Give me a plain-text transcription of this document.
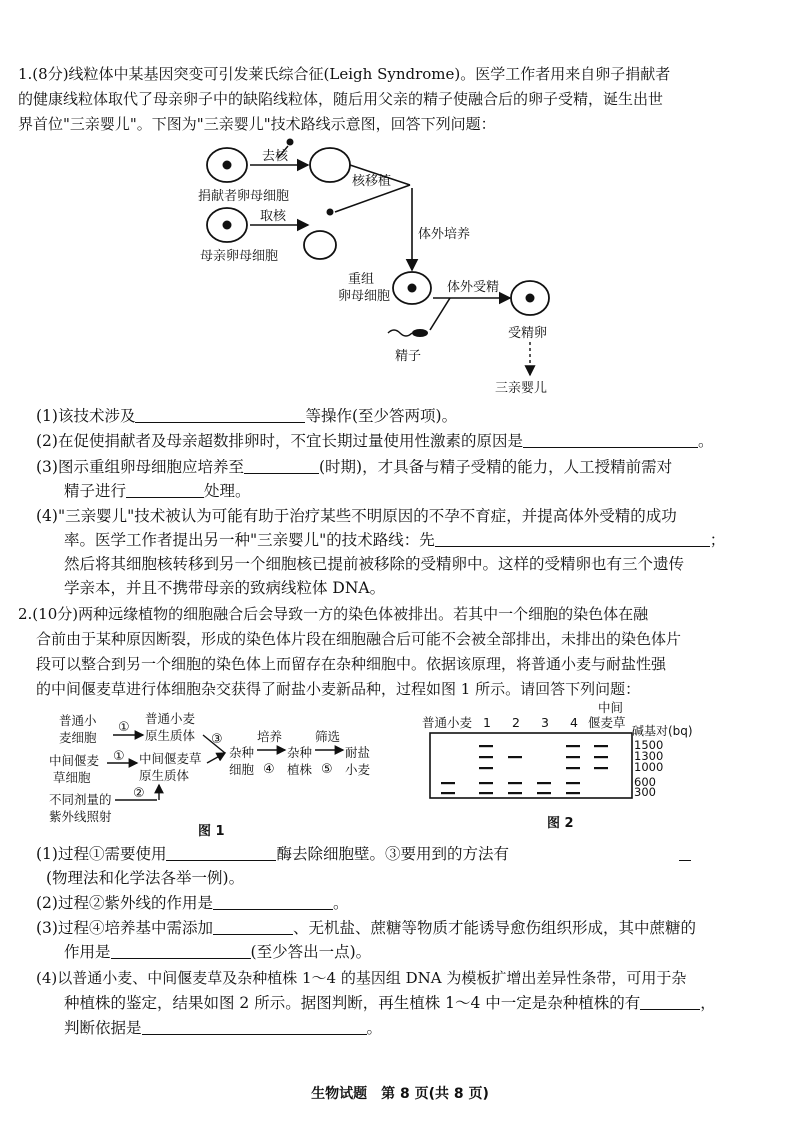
1.(8分)线粒体中某基因突变可引发莱氏综合征(Leigh Syndrome)。医学工作者用来自卵子捐献者
的健康线粒体取代了母亲卵子中的缺陷线粒体，随后用父亲的精子使融合后的卵子受精，诞生出世
界首位"三亲婴儿"。下图为"三亲婴儿"技术路线示意图，回答下列问题：
去核
捐献者卵母细胞
取核
母亲卵母细胞
核移植
体外培养
重组
卵母细胞
体外受精
精子
受精卵
三亲婴儿
(1)该技术涉及	等操作(至少答两项)。
(2)在促使捐献者及母亲超数排卵时，不宜长期过量使用性激素的原因是	。
(3)图示重组卵母细胞应培养至	(时期)，才具备与精子受精的能力，人工授精前需对
精子进行	处理。
(4)"三亲婴儿"技术被认为可能有助于治疗某些不明原因的不孕不育症，并提高体外受精的成功
率。医学工作者提出另一种"三亲婴儿"的技术路线：先	；
然后将其细胞核转移到另一个细胞核已提前被移除的受精卵中。这样的受精卵也有三个遗传
学亲本，并且不携带母亲的致病线粒体 DNA。
2.(10分)两种远缘植物的细胞融合后会导致一方的染色体被排出。若其中一个细胞的染色体在融
合前由于某种原因断裂，形成的染色体片段在细胞融合后可能不会被全部排出，未排出的染色体片
段可以整合到另一个细胞的染色体上而留存在杂种细胞中。依据该原理，将普通小麦与耐盐性强
的中间偃麦草进行体细胞杂交获得了耐盐小麦新品种，过程如图 1 所示。请回答下列问题：
普通小
麦细胞
①
普通小麦
原生质体
中间偃麦
草细胞
① 中间偃麦草
原生质体
③
杂种
细胞
培养
④
杂种
植株
筛选
⑤
耐盐
小麦
不同剂量的
紫外线照射
②
图 1
普通小麦 1 2 3 4
中间
偃麦草
碱基对(bq)
1500
1300
1000
600
300
图 2
(1)过程①需要使用	酶去除细胞壁。③要用到的方法有
(物理法和化学法各举一例)。
(2)过程②紫外线的作用是	。
(3)过程④培养基中需添加	、无机盐、蔗糖等物质才能诱导愈伤组织形成，其中蔗糖的
作用是	(至少答出一点)。
(4)以普通小麦、中间偃麦草及杂种植株 1～4 的基因组 DNA 为模板扩增出差异性条带，可用于杂
种植株的鉴定，结果如图 2 所示。据图判断，再生植株 1～4 中一定是杂种植株的有	，
判断依据是	。
生物试题　第 8 页(共 8 页)
